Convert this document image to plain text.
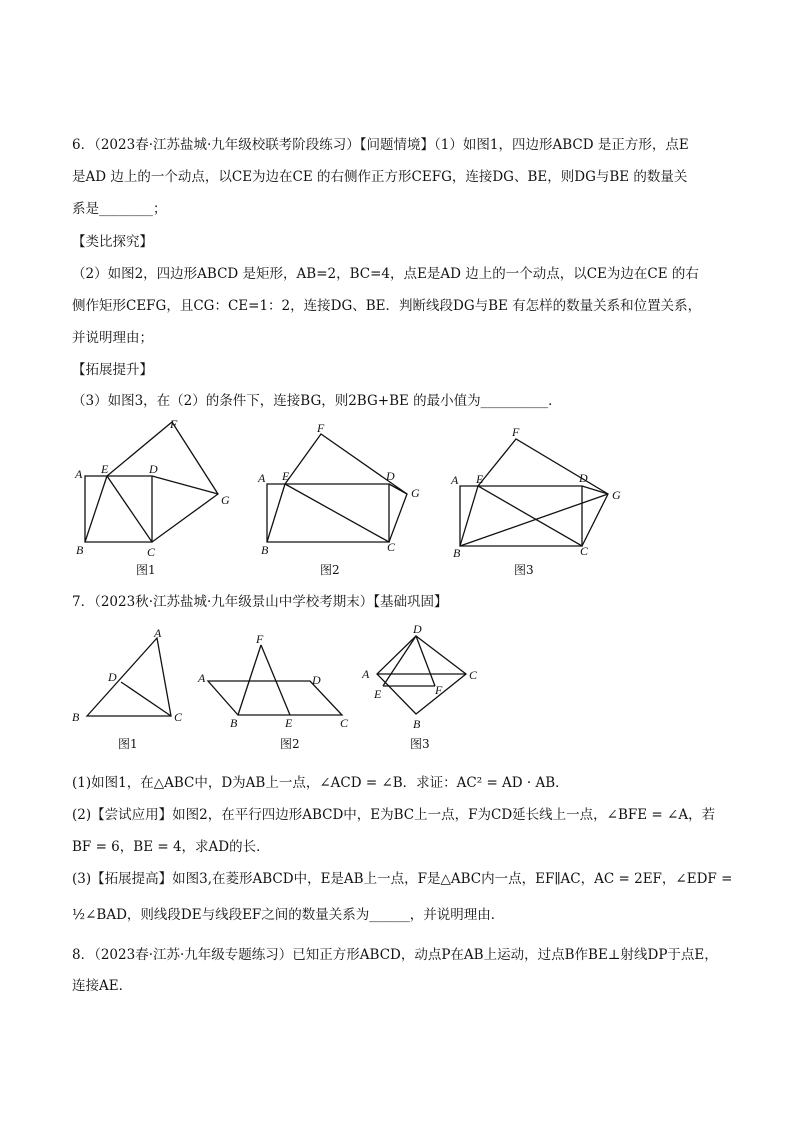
6．（2023春·江苏盐城·九年级校联考阶段练习）【问题情境】（1）如图1，四边形ABCD 是正方形，点E
是AD 边上的一个动点，以CE为边在CE 的右侧作正方形CEFG，连接DG、BE，则DG与BE 的数量关
系是________；
【类比探究】
（2）如图2，四边形ABCD 是矩形，AB=2，BC=4，点E是AD 边上的一个动点，以CE为边在CE 的右
侧作矩形CEFG，且CG：CE=1：2，连接DG、BE．判断线段DG与BE 有怎样的数量关系和位置关系，
并说明理由；
【拓展提升】
（3）如图3，在（2）的条件下，连接BG，则2BG+BE 的最小值为__________．
A E	D
F
G
B	C
图1
A E	D
F
G
B	C
图2
A E	D
F
G
B	C
图3
7．（2023秋·江苏盐城·九年级景山中学校考期末）【基础巩固】
A
D
B	C
图1
F
A	D
B	E	C
图2
D
A	C
E	F
B
图3
(1)如图1，在△ABC中，D为AB上一点，∠ACD = ∠B．求证：AC² = AD · AB．
(2)【尝试应用】如图2，在平行四边形ABCD中，E为BC上一点，F为CD延长线上一点，∠BFE = ∠A，若
BF = 6，BE = 4，求AD的长．
(3)【拓展提高】如图3,在菱形ABCD中，E是AB上一点，F是△ABC内一点，EF∥AC，AC = 2EF，∠EDF =
½∠BAD，则线段DE与线段EF之间的数量关系为______，并说明理由．
8．（2023春·江苏·九年级专题练习）已知正方形ABCD，动点P在AB上运动，过点B作BE⊥射线DP于点E，
连接AE．
